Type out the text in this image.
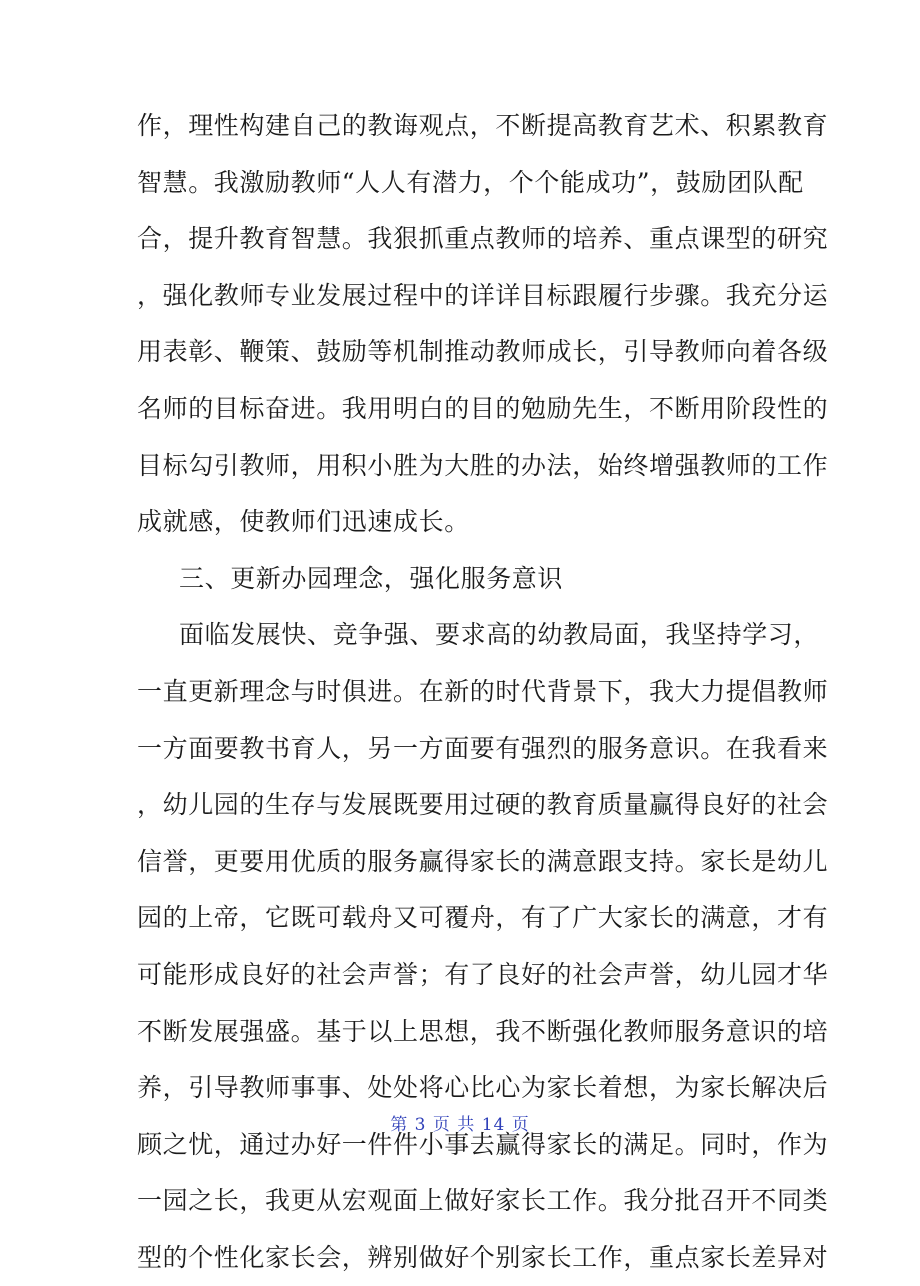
作，理性构建自己的教诲观点，不断提高教育艺术、积累教育
智慧。我激励教师“人人有潜力，个个能成功”，鼓励团队配
合，提升教育智慧。我狠抓重点教师的培养、重点课型的研究
，强化教师专业发展过程中的详详目标跟履行步骤。我充分运
用表彰、鞭策、鼓励等机制推动教师成长，引导教师向着各级
名师的目标奋进。我用明白的目的勉励先生，不断用阶段性的
目标勾引教师，用积小胜为大胜的办法，始终增强教师的工作
成就感，使教师们迅速成长。
三、更新办园理念，强化服务意识
面临发展快、竞争强、要求高的幼教局面，我坚持学习，
一直更新理念与时俱进。在新的时代背景下，我大力提倡教师
一方面要教书育人，另一方面要有强烈的服务意识。在我看来
，幼儿园的生存与发展既要用过硬的教育质量赢得良好的社会
信誉，更要用优质的服务赢得家长的满意跟支持。家长是幼儿
园的上帝，它既可载舟又可覆舟，有了广大家长的满意，才有
可能形成良好的社会声誉；有了良好的社会声誉，幼儿园才华
不断发展强盛。基于以上思想，我不断强化教师服务意识的培
养，引导教师事事、处处将心比心为家长着想，为家长解决后
顾之忧，通过办好一件件小事去赢得家长的满足。同时，作为
一园之长，我更从宏观面上做好家长工作。我分批召开不同类
型的个性化家长会，辨别做好个别家长工作，重点家长差异对
第 3 页 共 14 页
